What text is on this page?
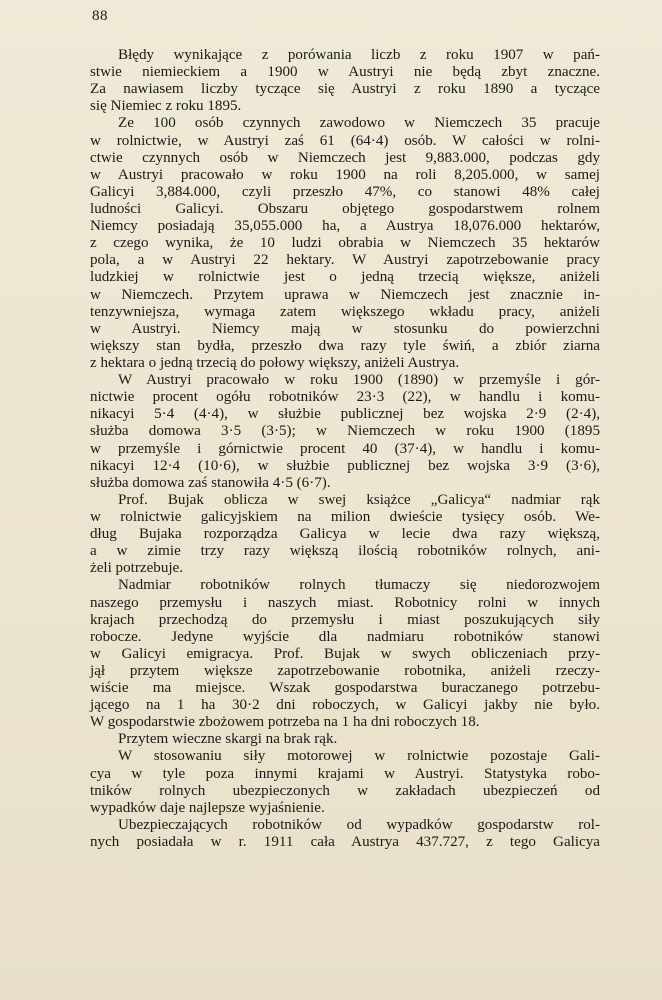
88
Błędy wynikające z porówania liczb z roku 1907 w pań-
stwie niemieckiem a 1900 w Austryi nie będą zbyt znaczne.
Za nawiasem liczby tyczące się Austryi z roku 1890 a tyczące
się Niemiec z roku 1895.
Ze 100 osób czynnych zawodowo w Niemczech 35 pracuje
w rolnictwie, w Austryi zaś 61 (64·4) osób. W całości w rolni-
ctwie czynnych osób w Niemczech jest 9,883.000, podczas gdy
w Austryi pracowało w roku 1900 na roli 8,205.000, w samej
Galicyi 3,884.000, czyli przeszło 47%, co stanowi 48% całej
ludności Galicyi. Obszaru objętego gospodarstwem rolnem
Niemcy posiadają 35,055.000 ha, a Austrya 18,076.000 hektarów,
z czego wynika, że 10 ludzi obrabia w Niemczech 35 hektarów
pola, a w Austryi 22 hektary. W Austryi zapotrzebowanie pracy
ludzkiej w rolnictwie jest o jedną trzecią większe, aniżeli
w Niemczech. Przytem uprawa w Niemczech jest znacznie in-
tenzywniejsza, wymaga zatem większego wkładu pracy, aniżeli
w Austryi. Niemcy mają w stosunku do powierzchni
większy stan bydła, przeszło dwa razy tyle świń, a zbiór ziarna
z hektara o jedną trzecią do połowy większy, aniżeli Austrya.
W Austryi pracowało w roku 1900 (1890) w przemyśle i gór-
nictwie procent ogółu robotników 23·3 (22), w handlu i komu-
nikacyi 5·4 (4·4), w służbie publicznej bez wojska 2·9 (2·4),
służba domowa 3·5 (3·5); w Niemczech w roku 1900 (1895
w przemyśle i górnictwie procent 40 (37·4), w handlu i komu-
nikacyi 12·4 (10·6), w służbie publicznej bez wojska 3·9 (3·6),
służba domowa zaś stanowiła 4·5 (6·7).
Prof. Bujak oblicza w swej książce „Galicya“ nadmiar rąk
w rolnictwie galicyjskiem na milion dwieście tysięcy osób. We-
dług Bujaka rozporządza Galicya w lecie dwa razy większą,
a w zimie trzy razy większą ilością robotników rolnych, ani-
żeli potrzebuje.
Nadmiar robotników rolnych tłumaczy się niedorozwojem
naszego przemysłu i naszych miast. Robotnicy rolni w innych
krajach przechodzą do przemysłu i miast poszukujących siły
robocze. Jedyne wyjście dla nadmiaru robotników stanowi
w Galicyi emigracya. Prof. Bujak w swych obliczeniach przy-
jął przytem większe zapotrzebowanie robotnika, aniżeli rzeczy-
wiście ma miejsce. Wszak gospodarstwa buraczanego potrzebu-
jącego na 1 ha 30·2 dni roboczych, w Galicyi jakby nie było.
W gospodarstwie zbożowem potrzeba na 1 ha dni roboczych 18.
Przytem wieczne skargi na brak rąk.
W stosowaniu siły motorowej w rolnictwie pozostaje Gali-
cya w tyle poza innymi krajami w Austryi. Statystyka robo-
tników rolnych ubezpieczonych w zakładach ubezpieczeń od
wypadków daje najlepsze wyjaśnienie.
Ubezpieczających robotników od wypadków gospodarstw rol-
nych posiadała w r. 1911 cała Austrya 437.727, z tego Galicya
